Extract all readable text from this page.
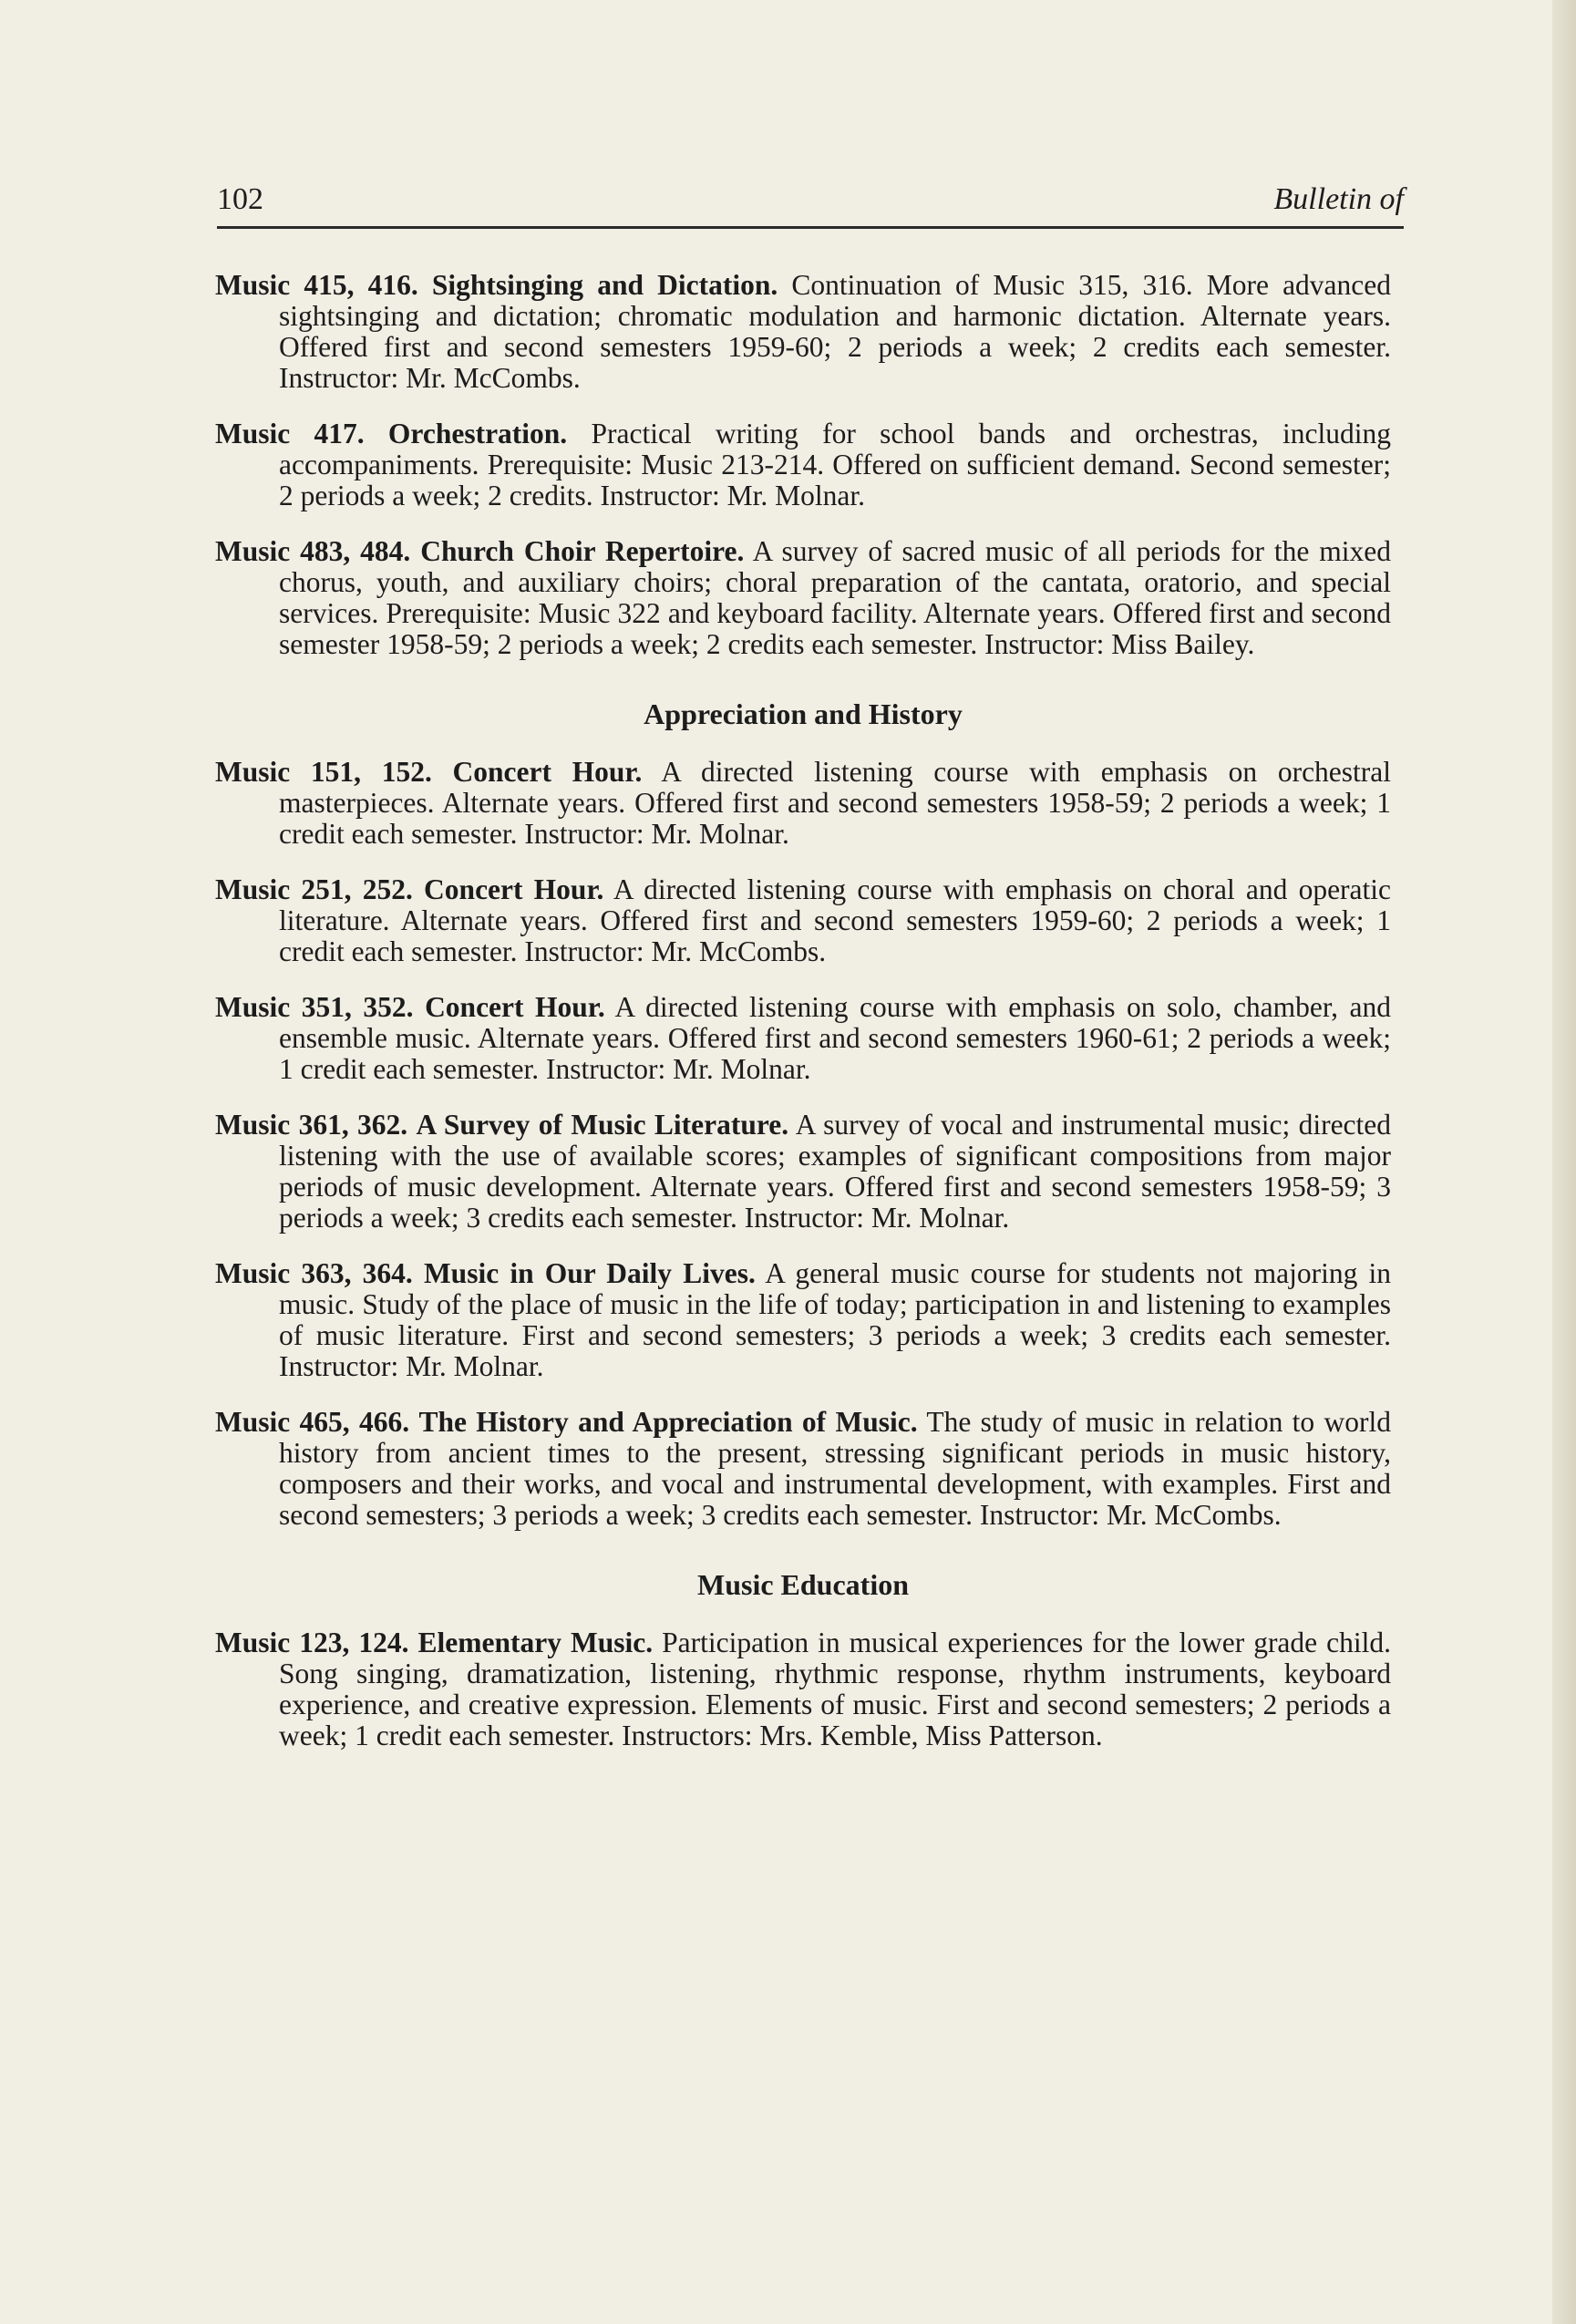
102	Bulletin of

Music 415, 416. Sightsinging and Dictation. Continuation of Music 315, 316. More advanced sightsinging and dictation; chromatic modulation and harmonic dictation. Alternate years. Offered first and second semesters 1959-60; 2 periods a week; 2 credits each semester. Instructor: Mr. McCombs.

Music 417. Orchestration. Practical writing for school bands and orchestras, including accompaniments. Prerequisite: Music 213-214. Offered on sufficient demand. Second semester; 2 periods a week; 2 credits. Instructor: Mr. Molnar.

Music 483, 484. Church Choir Repertoire. A survey of sacred music of all periods for the mixed chorus, youth, and auxiliary choirs; choral preparation of the cantata, oratorio, and special services. Prerequisite: Music 322 and keyboard facility. Alternate years. Offered first and second semester 1958-59; 2 periods a week; 2 credits each semester. Instructor: Miss Bailey.

Appreciation and History

Music 151, 152. Concert Hour. A directed listening course with emphasis on orchestral masterpieces. Alternate years. Offered first and second semesters 1958-59; 2 periods a week; 1 credit each semester. Instructor: Mr. Molnar.

Music 251, 252. Concert Hour. A directed listening course with emphasis on choral and operatic literature. Alternate years. Offered first and second semesters 1959-60; 2 periods a week; 1 credit each semester. Instructor: Mr. McCombs.

Music 351, 352. Concert Hour. A directed listening course with emphasis on solo, chamber, and ensemble music. Alternate years. Offered first and second semesters 1960-61; 2 periods a week; 1 credit each semester. Instructor: Mr. Molnar.

Music 361, 362. A Survey of Music Literature. A survey of vocal and instrumental music; directed listening with the use of available scores; examples of significant compositions from major periods of music development. Alternate years. Offered first and second semesters 1958-59; 3 periods a week; 3 credits each semester. Instructor: Mr. Molnar.

Music 363, 364. Music in Our Daily Lives. A general music course for students not majoring in music. Study of the place of music in the life of today; participation in and listening to examples of music literature. First and second semesters; 3 periods a week; 3 credits each semester. Instructor: Mr. Molnar.

Music 465, 466. The History and Appreciation of Music. The study of music in relation to world history from ancient times to the present, stressing significant periods in music history, composers and their works, and vocal and instrumental development, with examples. First and second semesters; 3 periods a week; 3 credits each semester. Instructor: Mr. McCombs.

Music Education

Music 123, 124. Elementary Music. Participation in musical experiences for the lower grade child. Song singing, dramatization, listening, rhythmic response, rhythm instruments, keyboard experience, and creative expression. Elements of music. First and second semesters; 2 periods a week; 1 credit each semester. Instructors: Mrs. Kemble, Miss Patterson.
